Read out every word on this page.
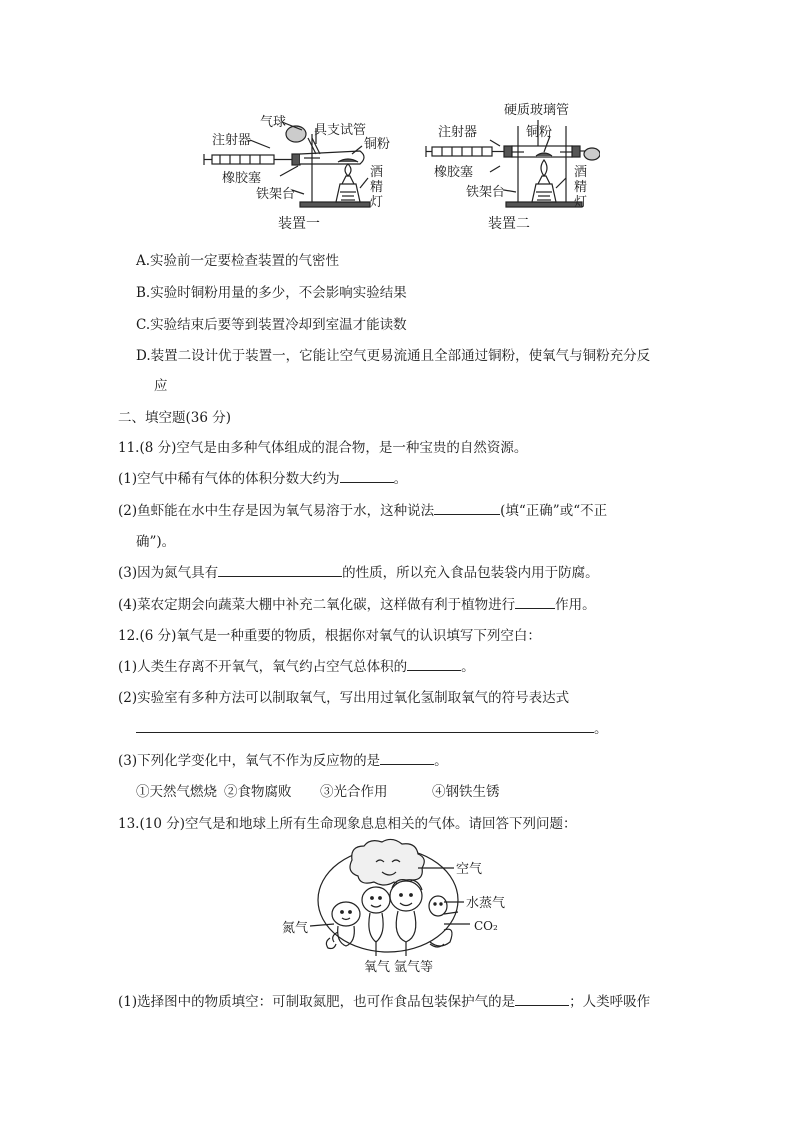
气球
具支试管
注射器	铜粉
橡胶塞
铁架台
酒
精
灯
装置一
硬质玻璃管
注射器	铜粉
橡胶塞
铁架台
酒
精
灯
装置二
A.实验前一定要检查装置的气密性
B.实验时铜粉用量的多少，不会影响实验结果
C.实验结束后要等到装置冷却到室温才能读数
D.装置二设计优于装置一，它能让空气更易流通且全部通过铜粉，使氧气与铜粉充分反
应
二、填空题(36 分)
11.(8 分)空气是由多种气体组成的混合物，是一种宝贵的自然资源。
(1)空气中稀有气体的体积分数大约为	。
(2)鱼虾能在水中生存是因为氧气易溶于水，这种说法	(填“正确”或“不正
确”)。
(3)因为氮气具有	的性质，所以充入食品包装袋内用于防腐。
(4)菜农定期会向蔬菜大棚中补充二氧化碳，这样做有利于植物进行	作用。
12.(6 分)氧气是一种重要的物质，根据你对氧气的认识填写下列空白：
(1)人类生存离不开氧气，氧气约占空气总体积的	。
(2)实验室有多种方法可以制取氧气，写出用过氧化氢制取氧气的符号表达式
。
(3)下列化学变化中，氧气不作为反应物的是	。
①天然气燃烧 ②食物腐败 ③光合作用	④钢铁生锈
13.(10 分)空气是和地球上所有生命现象息息相关的气体。请回答下列问题：
空气
水蒸气
CO₂
氮气
氧气 氩气等
(1)选择图中的物质填空：可制取氮肥，也可作食品包装保护气的是	；人类呼吸作
